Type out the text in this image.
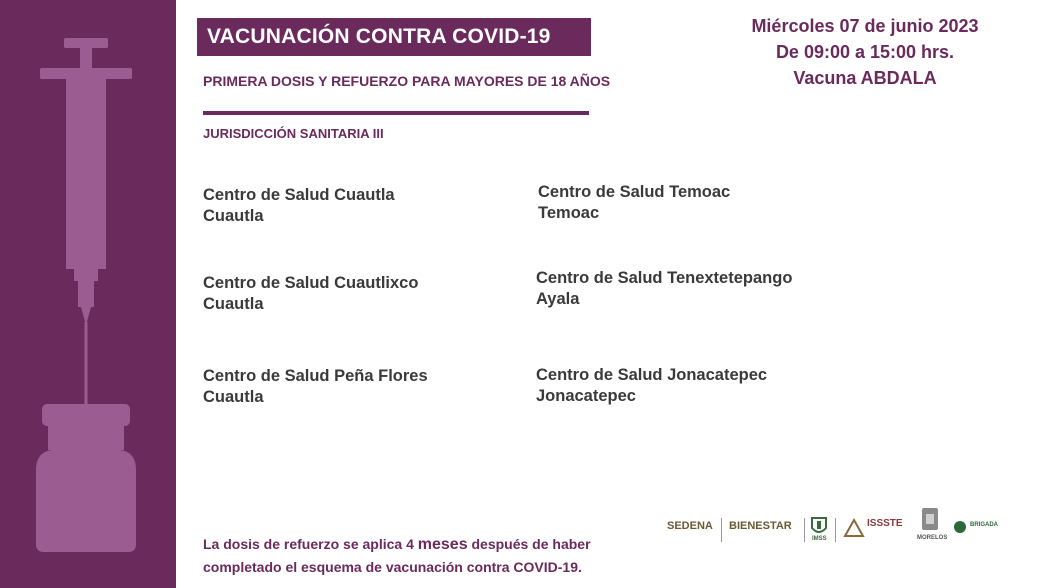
VACUNACIÓN CONTRA COVID-19
PRIMERA DOSIS Y REFUERZO PARA MAYORES DE 18 AÑOS
JURISDICCIÓN SANITARIA III
Miércoles 07 de junio 2023
De 09:00 a 15:00 hrs.
Vacuna ABDALA
Centro de Salud Cuautla
Cuautla
Centro de Salud Temoac
Temoac
Centro de Salud Cuautlixco
Cuautla
Centro de Salud Tenextetepango
Ayala
Centro de Salud Peña Flores
Cuautla
Centro de Salud Jonacatepec
Jonacatepec
La dosis de refuerzo se aplica 4 meses después de haber
completado el esquema de vacunación contra COVID-19.
SEDENA BIENESTAR
IMSS
ISSSTE
MORELOS
BRIGADA
